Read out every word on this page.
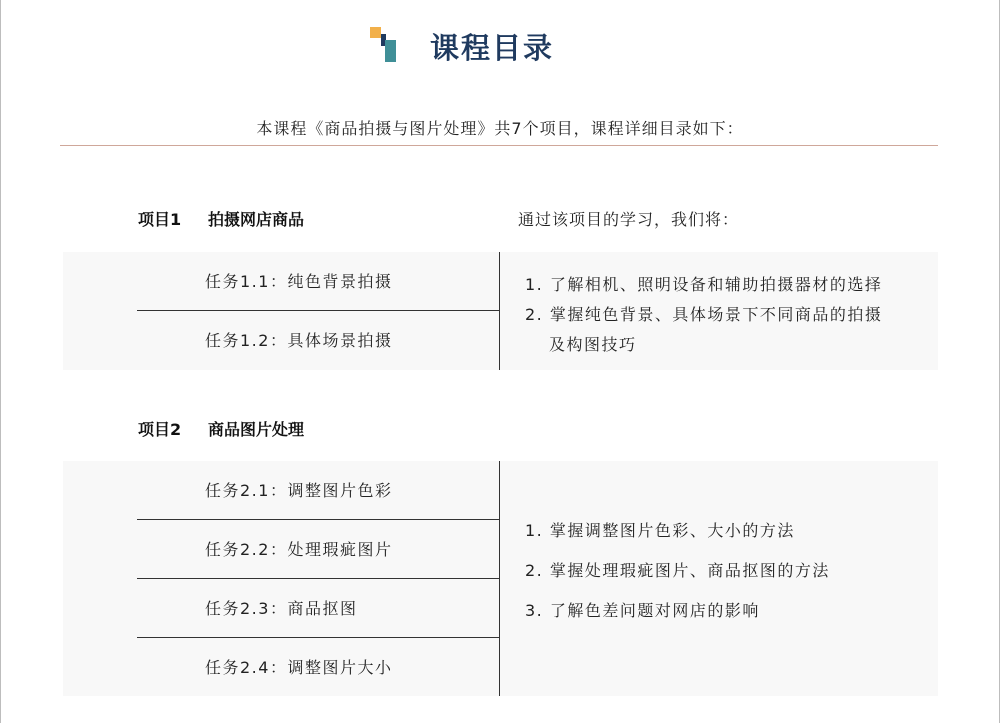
课程目录
本课程《商品拍摄与图片处理》共7个项目，课程详细目录如下：
项目1 拍摄网店商品	通过该项目的学习，我们将：
任务1.1：纯色背景拍摄
任务1.2：具体场景拍摄
1. 了解相机、照明设备和辅助拍摄器材的选择
2. 掌握纯色背景、具体场景下不同商品的拍摄
及构图技巧
项目2 商品图片处理
任务2.1：调整图片色彩
任务2.2：处理瑕疵图片
任务2.3：商品抠图
任务2.4：调整图片大小
1. 掌握调整图片色彩、大小的方法
2. 掌握处理瑕疵图片、商品抠图的方法
3. 了解色差问题对网店的影响
